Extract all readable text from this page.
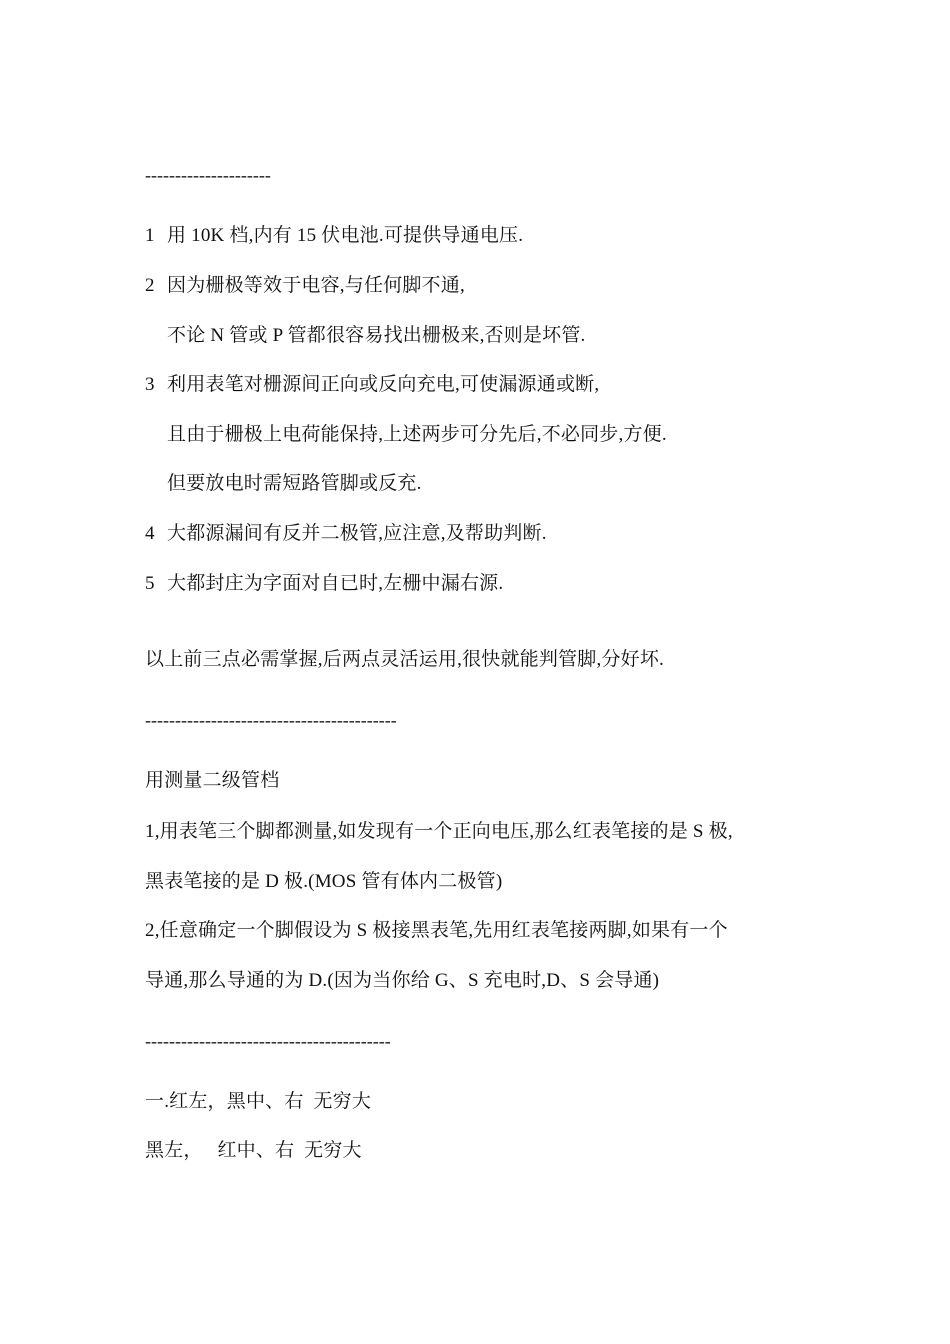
---------------------
1 用 10K 档,内有 15 伏电池.可提供导通电压.
2 因为栅极等效于电容,与任何脚不通,
不论 N 管或 P 管都很容易找出栅极来,否则是坏管.
3 利用表笔对栅源间正向或反向充电,可使漏源通或断,
且由于栅极上电荷能保持,上述两步可分先后,不必同步,方便.
但要放电时需短路管脚或反充.
4 大都源漏间有反并二极管,应注意,及帮助判断.
5 大都封庄为字面对自已时,左栅中漏右源.
以上前三点必需掌握,后两点灵活运用,很快就能判管脚,分好坏.
------------------------------------------
用测量二级管档
1,用表笔三个脚都测量,如发现有一个正向电压,那么红表笔接的是 S 极,
黑表笔接的是 D 极.(MOS 管有体内二极管)
2,任意确定一个脚假设为 S 极接黑表笔,先用红表笔接两脚,如果有一个
导通,那么导通的为 D.(因为当你给 G、S 充电时,D、S 会导通)
-----------------------------------------
一.红左，黑中、右  无穷大
黑左，   红中、右  无穷大
